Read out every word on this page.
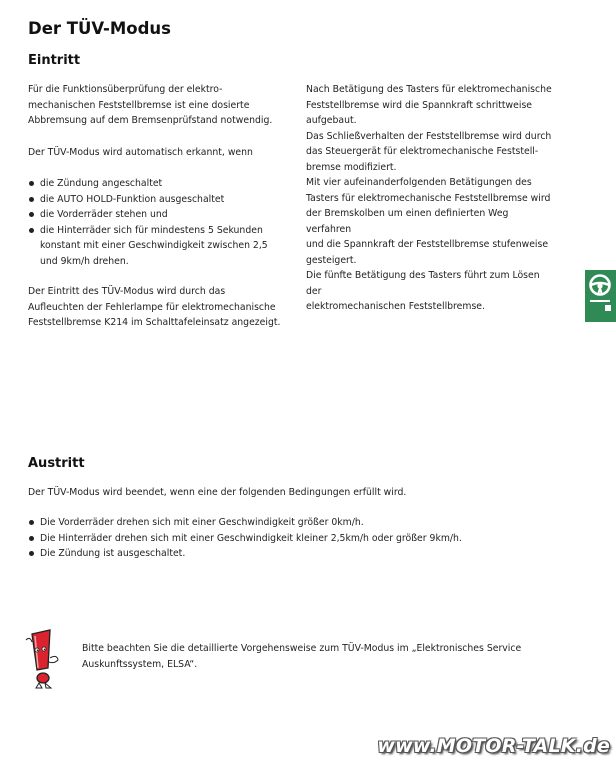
Der TÜV-Modus
Eintritt

Für die Funktionsüberprüfung der elektro-

mechanischen Feststellbremse ist eine dosierte

Abbremsung auf dem Bremsenprüfstand notwendig.

Der TÜV-Modus wird automatisch erkannt, wenn

die Zündung angeschaltet
die AUTO HOLD-Funktion ausgeschaltet
die Vorderräder stehen und
die Hinterräder sich für mindestens 5 Sekunden
konstant mit einer Geschwindigkeit zwischen 2,5
und 9km/h drehen.

Der Eintritt des TÜV-Modus wird durch das

Aufleuchten der Fehlerlampe für elektromechanische

Feststellbremse K214 im Schalttafeleinsatz angezeigt.

Nach Betätigung des Tasters für elektromechanische

Feststellbremse wird die Spannkraft schrittweise

aufgebaut.

Das Schließverhalten der Feststellbremse wird durch

das Steuergerät für elektromechanische Feststell-

bremse modifiziert.

Mit vier aufeinanderfolgenden Betätigungen des

Tasters für elektromechanische Feststellbremse wird

der Bremskolben um einen definierten Weg verfahren

und die Spannkraft der Feststellbremse stufenweise

gesteigert.

Die fünfte Betätigung des Tasters führt zum Lösen der

elektromechanischen Feststellbremse.

Austritt

Der TÜV-Modus wird beendet, wenn eine der folgenden Bedingungen erfüllt wird.

Die Vorderräder drehen sich mit einer Geschwindigkeit größer 0km/h.
Die Hinterräder drehen sich mit einer Geschwindigkeit kleiner 2,5km/h oder größer 9km/h.
Die Zündung ist ausgeschaltet.

Bitte beachten Sie die detaillierte Vorgehensweise zum TÜV-Modus im „Elektronisches Service

Auskunftssystem, ELSA“.

www.MOTOR-TALK.de
